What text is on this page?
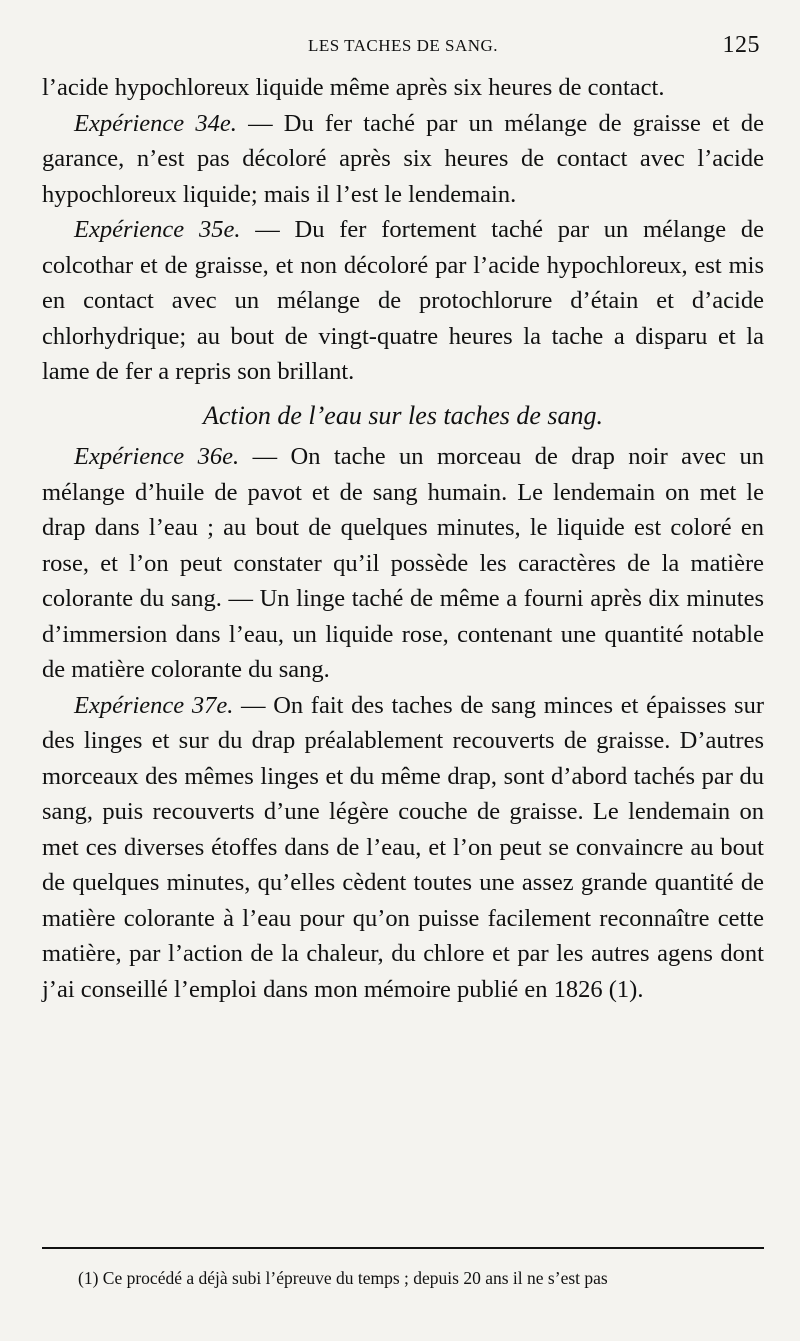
LES TACHES DE SANG.	125

l’acide hypochloreux liquide même après six heures de contact.

Expérience 34e. — Du fer taché par un mélange de graisse et de garance, n’est pas décoloré après six heures de contact avec l’acide hypochloreux liquide; mais il l’est le lendemain.

Expérience 35e. — Du fer fortement taché par un mélange de colcothar et de graisse, et non décoloré par l’acide hypochloreux, est mis en contact avec un mélange de protochlorure d’étain et d’acide chlorhydrique; au bout de vingt-quatre heures la tache a disparu et la lame de fer a repris son brillant.

Action de l’eau sur les taches de sang.

Expérience 36e. — On tache un morceau de drap noir avec un mélange d’huile de pavot et de sang humain. Le lendemain on met le drap dans l’eau ; au bout de quelques minutes, le liquide est coloré en rose, et l’on peut constater qu’il possède les caractères de la matière colorante du sang. — Un linge taché de même a fourni après dix minutes d’immersion dans l’eau, un liquide rose, contenant une quantité notable de matière colorante du sang.

Expérience 37e. — On fait des taches de sang minces et épaisses sur des linges et sur du drap préalablement recouverts de graisse. D’autres morceaux des mêmes linges et du même drap, sont d’abord tachés par du sang, puis recouverts d’une légère couche de graisse. Le lendemain on met ces diverses étoffes dans de l’eau, et l’on peut se convaincre au bout de quelques minutes, qu’elles cèdent toutes une assez grande quantité de matière colorante à l’eau pour qu’on puisse facilement reconnaître cette matière, par l’action de la chaleur, du chlore et par les autres agens dont j’ai conseillé l’emploi dans mon mémoire publié en 1826 (1).

(1) Ce procédé a déjà subi l’épreuve du temps ; depuis 20 ans il ne s’est pas
